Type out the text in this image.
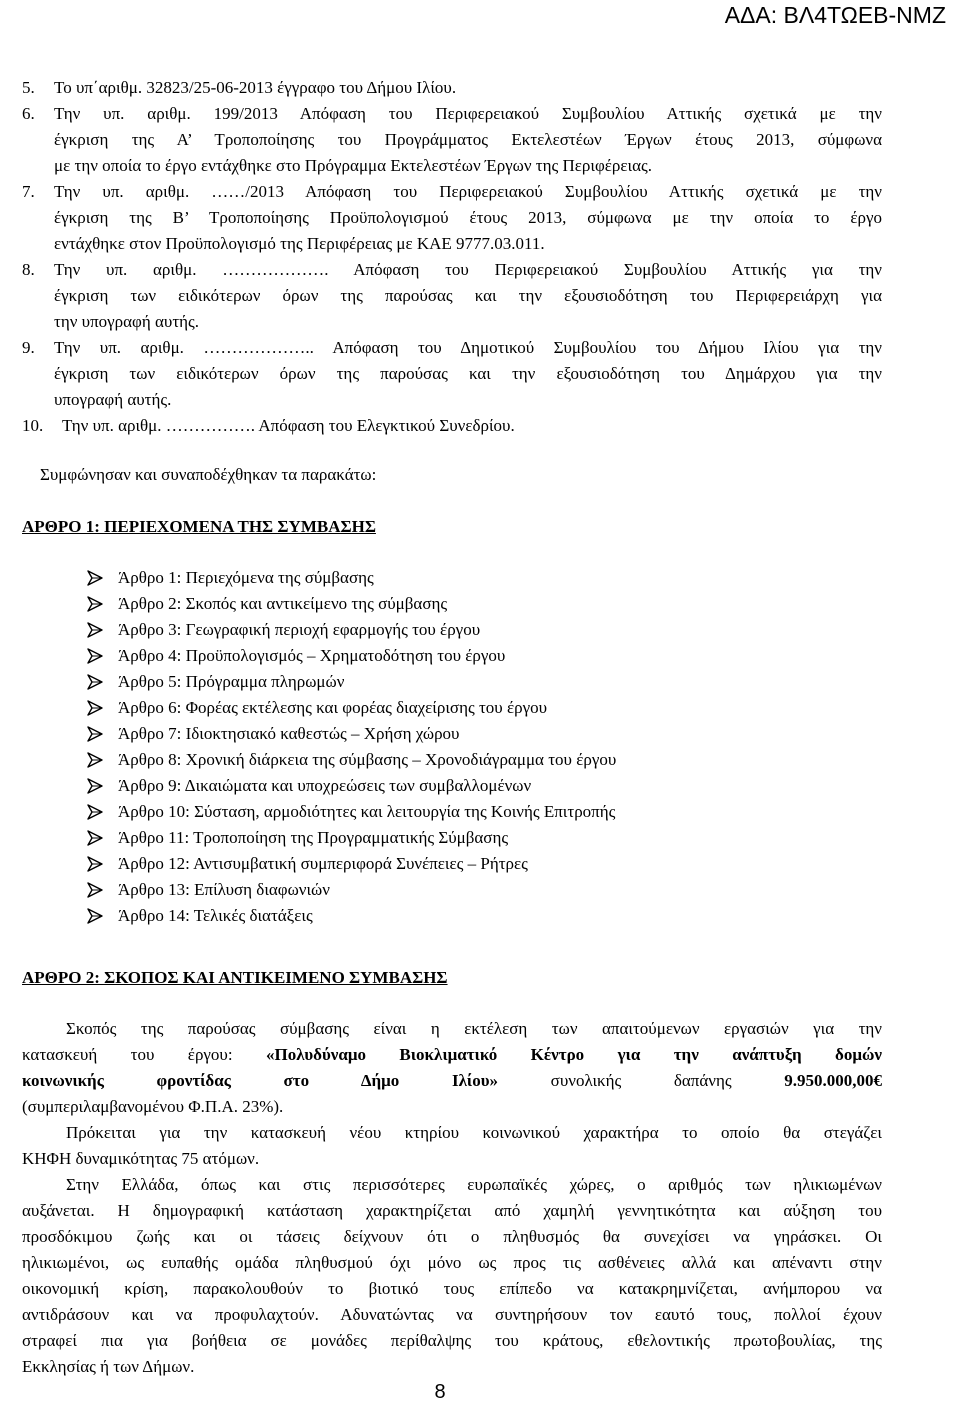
ΑΔΑ: ΒΛ4ΤΩΕΒ-ΝΜΖ
5. Το υπ΄αριθμ. 32823/25-06-2013 έγγραφο του Δήμου Ιλίου.
6. Την υπ. αριθμ. 199/2013 Απόφαση του Περιφερειακού Συμβουλίου Αττικής σχετικά με την
έγκριση της Α’ Τροποποίησης του Προγράμματος Εκτελεστέων Έργων έτους 2013, σύμφωνα
με την οποία το έργο εντάχθηκε στο Πρόγραμμα Εκτελεστέων Έργων της Περιφέρειας.
7. Την υπ. αριθμ. ……/2013 Απόφαση του Περιφερειακού Συμβουλίου Αττικής σχετικά με την
έγκριση της Β’ Τροποποίησης Προϋπολογισμού έτους 2013, σύμφωνα με την οποία το έργο
εντάχθηκε στον Προϋπολογισμό της Περιφέρειας με ΚΑΕ 9777.03.011.
8. Την υπ. αριθμ. ………………. Απόφαση του Περιφερειακού Συμβουλίου Αττικής για την
έγκριση των ειδικότερων όρων της παρούσας και την εξουσιοδότηση του Περιφερειάρχη για
την υπογραφή αυτής.
9. Την υπ. αριθμ. ……………….. Απόφαση του Δημοτικού Συμβουλίου του Δήμου Ιλίου για την
έγκριση των ειδικότερων όρων της παρούσας και την εξουσιοδότηση του Δημάρχου για την
υπογραφή αυτής.
10. Την υπ. αριθμ. ……………. Απόφαση του Ελεγκτικού Συνεδρίου.
Συμφώνησαν και συναποδέχθηκαν τα παρακάτω:
ΑΡΘΡΟ 1: ΠΕΡΙΕΧΟΜΕΝΑ ΤΗΣ ΣΥΜΒΑΣΗΣ
Άρθρο 1: Περιεχόμενα της σύμβασης
Άρθρο 2: Σκοπός και αντικείμενο της σύμβασης
Άρθρο 3: Γεωγραφική περιοχή εφαρμογής του έργου
Άρθρο 4: Προϋπολογισμός – Χρηματοδότηση του έργου
Άρθρο 5: Πρόγραμμα πληρωμών
Άρθρο 6: Φορέας εκτέλεσης και φορέας διαχείρισης του έργου
Άρθρο 7: Ιδιοκτησιακό καθεστώς – Χρήση χώρου
Άρθρο 8: Χρονική διάρκεια της σύμβασης – Χρονοδιάγραμμα του έργου
Άρθρο 9: Δικαιώματα και υποχρεώσεις των συμβαλλομένων
Άρθρο 10: Σύσταση, αρμοδιότητες και λειτουργία της Κοινής Επιτροπής
Άρθρο 11: Τροποποίηση της Προγραμματικής Σύμβασης
Άρθρο 12: Αντισυμβατική συμπεριφορά Συνέπειες – Ρήτρες
Άρθρο 13: Επίλυση διαφωνιών
Άρθρο 14: Τελικές διατάξεις
ΑΡΘΡΟ 2: ΣΚΟΠΟΣ ΚΑΙ ΑΝΤΙΚΕΙΜΕΝΟ ΣΥΜΒΑΣΗΣ
Σκοπός της παρούσας σύμβασης είναι η εκτέλεση των απαιτούμενων εργασιών για την
κατασκευή του έργου: «Πολυδύναμο Βιοκλιματικό Κέντρο για την ανάπτυξη δομών
κοινωνικής φροντίδας στο Δήμο Ιλίου» συνολικής δαπάνης 9.950.000,00€
(συμπεριλαμβανομένου Φ.Π.Α. 23%).
Πρόκειται για την κατασκευή νέου κτηρίου κοινωνικού χαρακτήρα το οποίο θα στεγάζει
ΚΗΦΗ δυναμικότητας 75 ατόμων.
Στην Ελλάδα, όπως και στις περισσότερες ευρωπαϊκές χώρες, ο αριθμός των ηλικιωμένων
αυξάνεται. Η δημογραφική κατάσταση χαρακτηρίζεται από χαμηλή γεννητικότητα και αύξηση του
προσδόκιμου ζωής και οι τάσεις δείχνουν ότι ο πληθυσμός θα συνεχίσει να γηράσκει. Οι
ηλικιωμένοι, ως ευπαθής ομάδα πληθυσμού όχι μόνο ως προς τις ασθένειες αλλά και απέναντι στην
οικονομική κρίση, παρακολουθούν το βιοτικό τους επίπεδο να κατακρημνίζεται, ανήμπορου να
αντιδράσουν και να προφυλαχτούν. Αδυνατώντας να συντηρήσουν τον εαυτό τους, πολλοί έχουν
στραφεί πια για βοήθεια σε μονάδες περίθαλψης του κράτους, εθελοντικής πρωτοβουλίας, της
Εκκλησίας ή των Δήμων.
8
